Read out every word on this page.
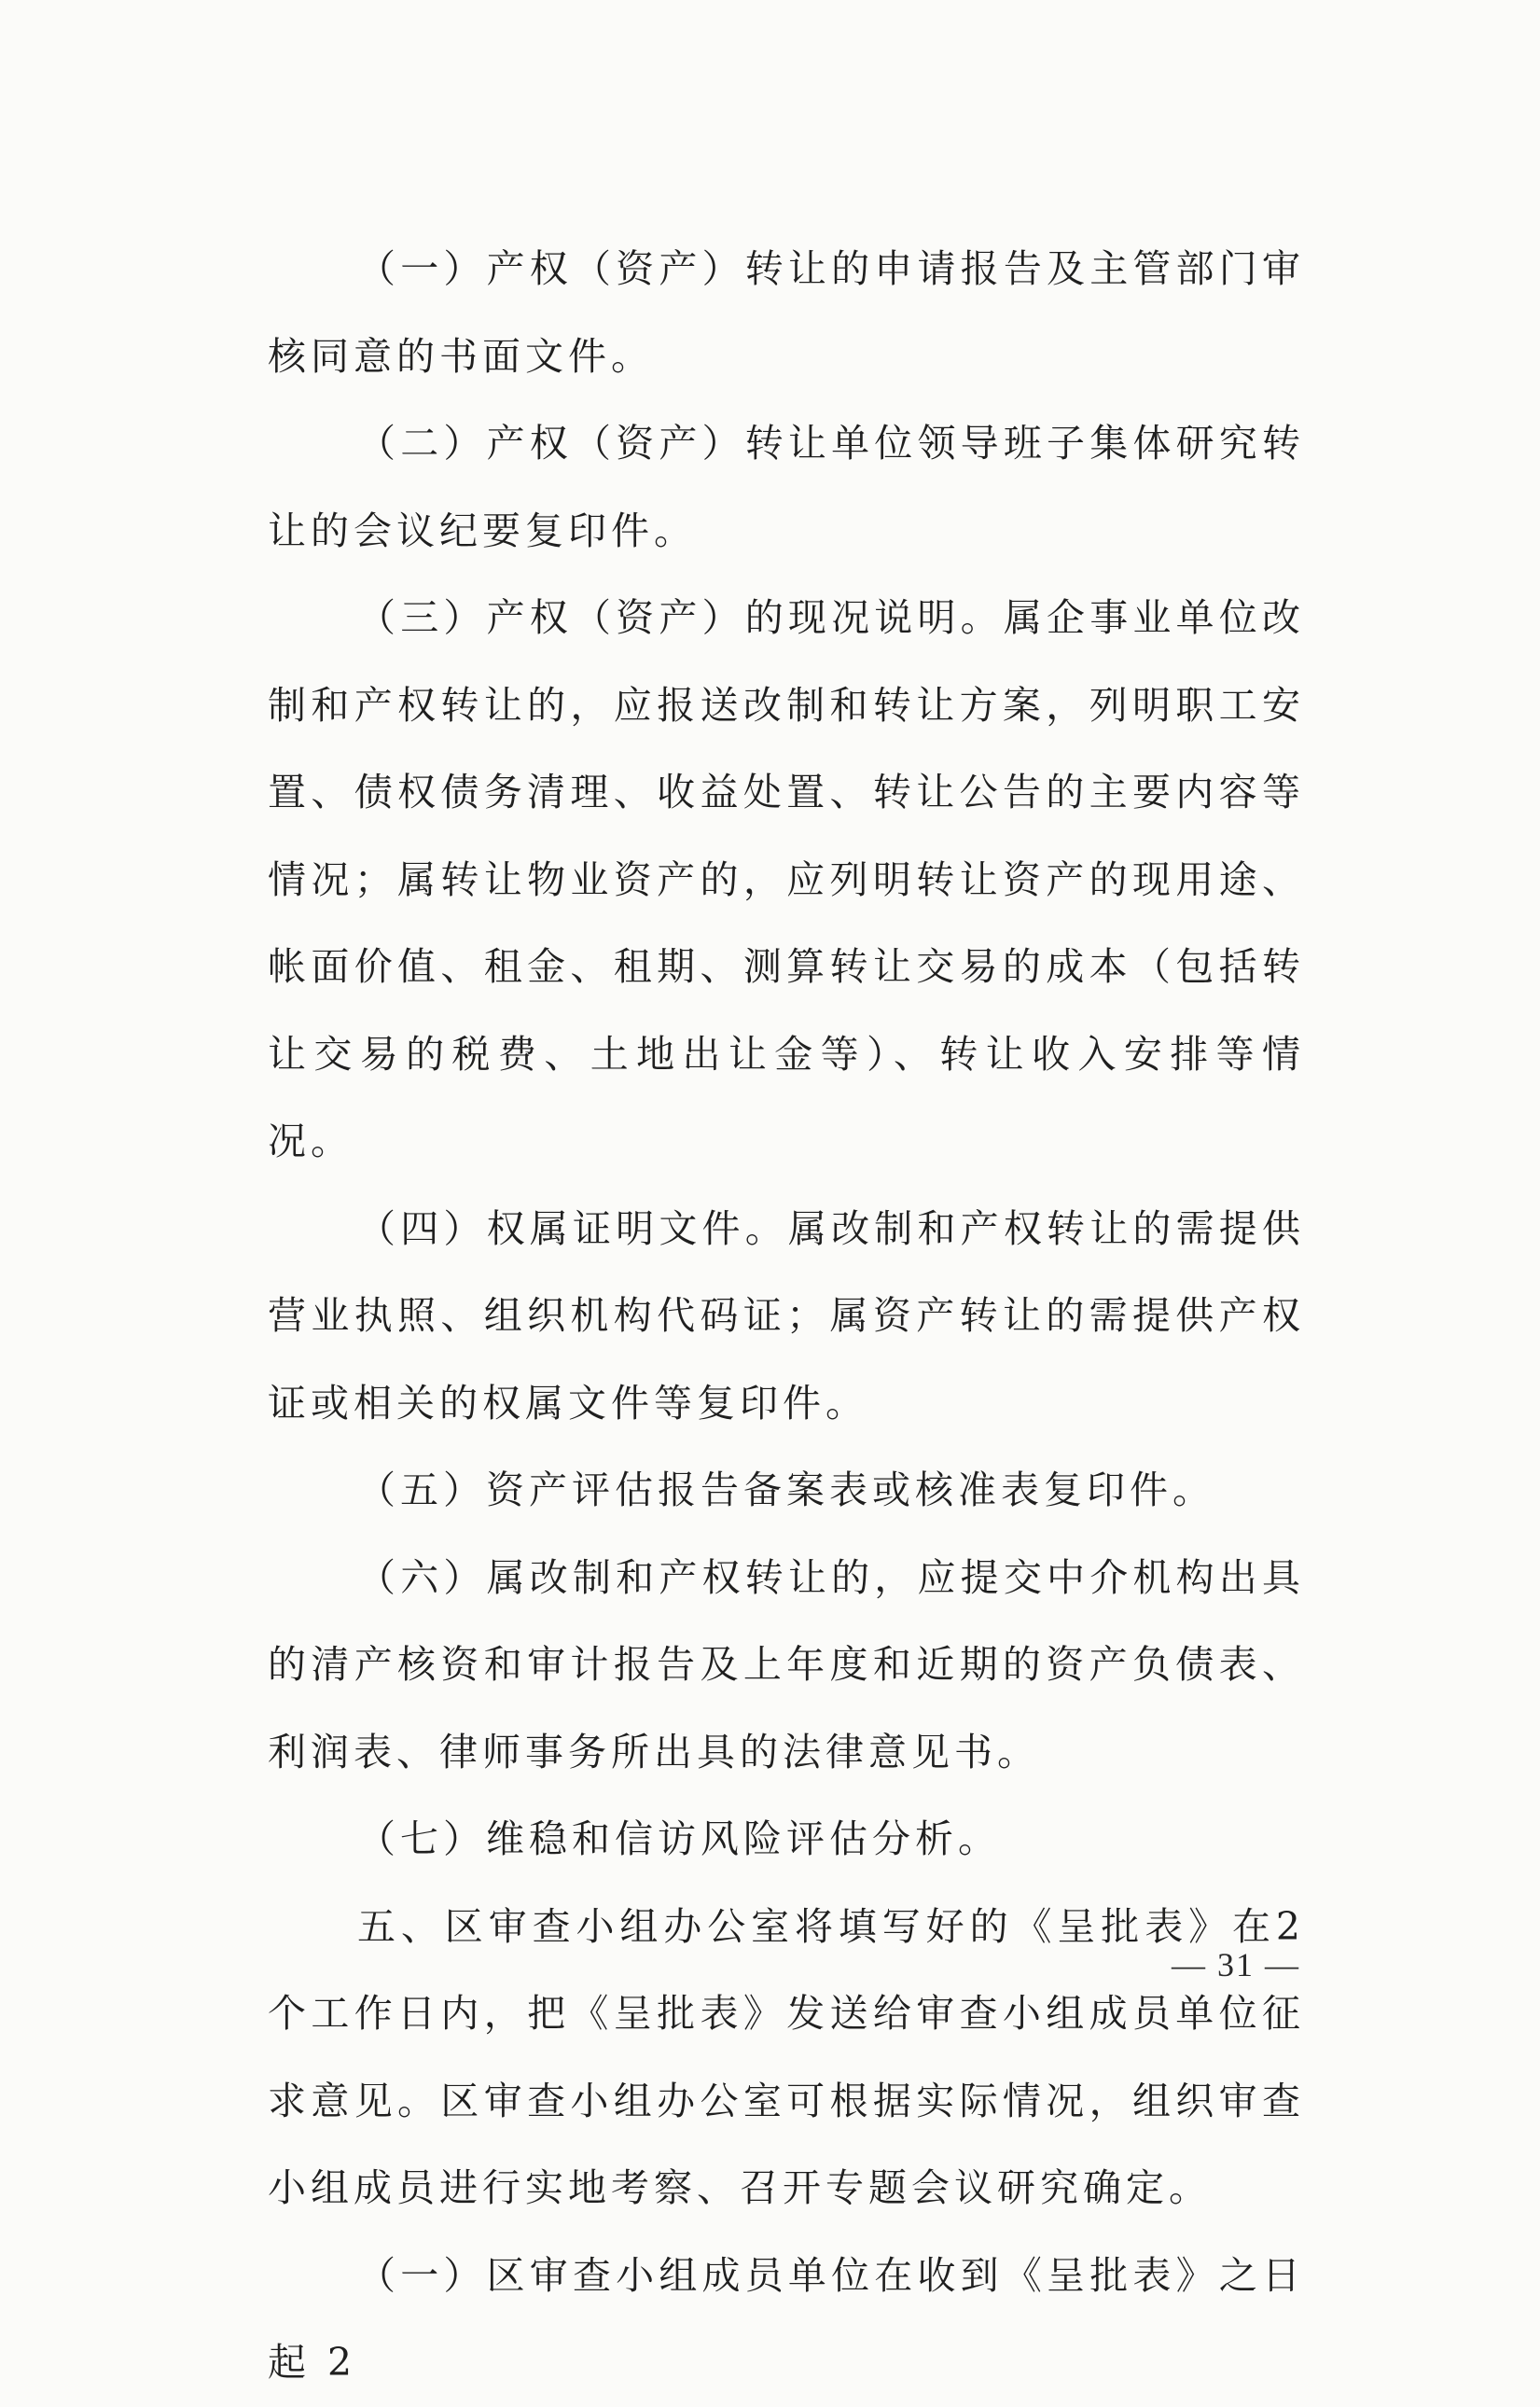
（一）产权（资产）转让的申请报告及主管部门审核同意的书面文件。

（二）产权（资产）转让单位领导班子集体研究转让的会议纪要复印件。

（三）产权（资产）的现况说明。属企事业单位改制和产权转让的，应报送改制和转让方案，列明职工安置、债权债务清理、收益处置、转让公告的主要内容等情况；属转让物业资产的，应列明转让资产的现用途、帐面价值、租金、租期、测算转让交易的成本（包括转让交易的税费、土地出让金等）、转让收入安排等情况。

（四）权属证明文件。属改制和产权转让的需提供营业执照、组织机构代码证；属资产转让的需提供产权证或相关的权属文件等复印件。

（五）资产评估报告备案表或核准表复印件。

（六）属改制和产权转让的，应提交中介机构出具的清产核资和审计报告及上年度和近期的资产负债表、利润表、律师事务所出具的法律意见书。

（七）维稳和信访风险评估分析。

五、区审查小组办公室将填写好的《呈批表》在2个工作日内，把《呈批表》发送给审查小组成员单位征求意见。区审查小组办公室可根据实际情况，组织审查小组成员进行实地考察、召开专题会议研究确定。

（一）区审查小组成员单位在收到《呈批表》之日起 2

— 31 —
